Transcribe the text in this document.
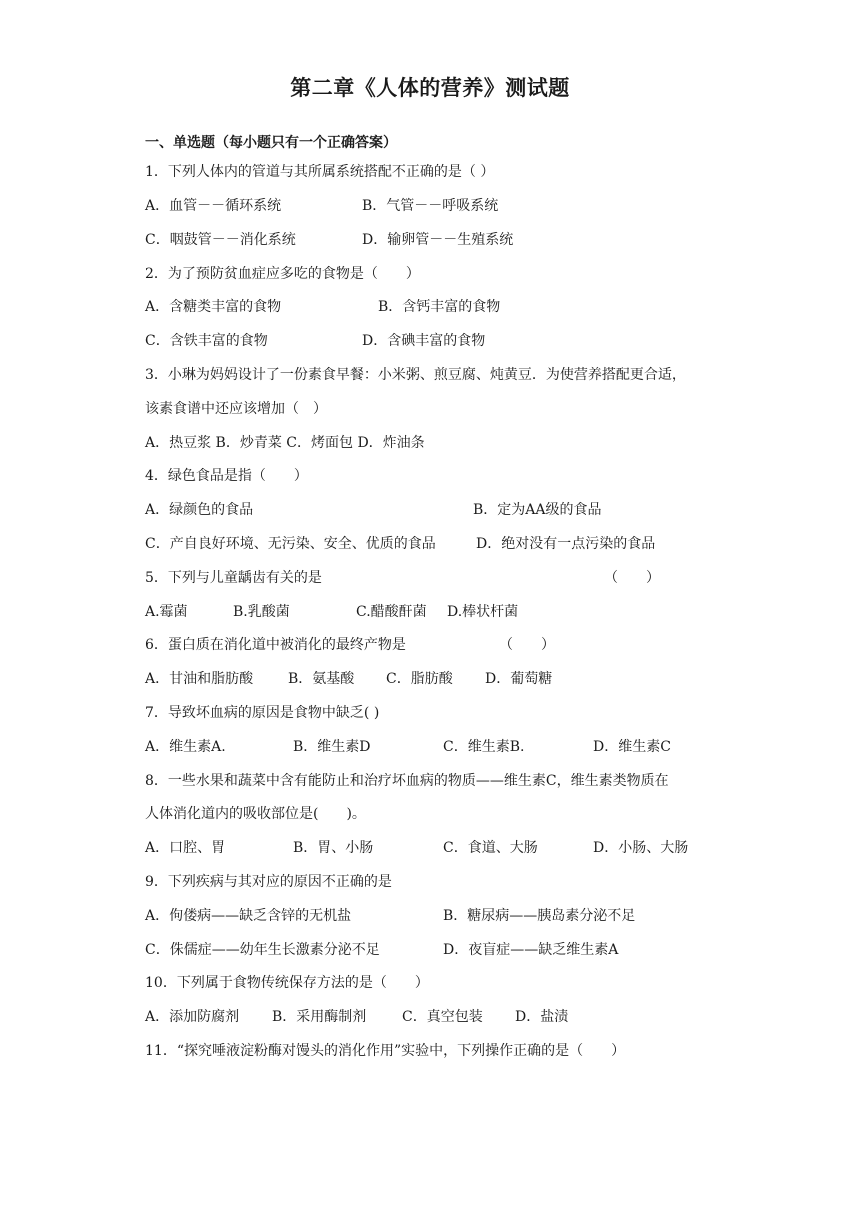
第二章《人体的营养》测试题
一、单选题（每小题只有一个正确答案）
1．下列人体内的管道与其所属系统搭配不正确的是（ ）
A．血管－－循环系统	B．气管－－呼吸系统
C．咽鼓管－－消化系统	D．输卵管－－生殖系统
2．为了预防贫血症应多吃的食物是（　　）
A．含糖类丰富的食物	B．含钙丰富的食物
C．含铁丰富的食物	D．含碘丰富的食物
3．小琳为妈妈设计了一份素食早餐：小米粥、煎豆腐、炖黄豆．为使营养搭配更合适，
该素食谱中还应该增加（　）
A．热豆浆 B．炒青菜 C．烤面包 D．炸油条
4．绿色食品是指（　　）
A．绿颜色的食品	B．定为AA级的食品
C．产自良好环境、无污染、安全、优质的食品	D．绝对没有一点污染的食品
5．下列与儿童龋齿有关的是	（　　）
A.霉菌	B.乳酸菌	C.醋酸酐菌 D.棒状杆菌
6．蛋白质在消化道中被消化的最终产物是	（　　）
A．甘油和脂肪酸 B．氨基酸 C．脂肪酸 D．葡萄糖
7．导致坏血病的原因是食物中缺乏( )
A．维生素A.	B．维生素D	C．维生素B.	D．维生素C
8．一些水果和蔬菜中含有能防止和治疗坏血病的物质——维生素C，维生素类物质在
人体消化道内的吸收部位是(　　)。
A．口腔、胃	B．胃、小肠	C．食道、大肠	D．小肠、大肠
9．下列疾病与其对应的原因不正确的是
A．佝偻病——缺乏含锌的无机盐	B．糖尿病——胰岛素分泌不足
C．侏儒症——幼年生长激素分泌不足	D．夜盲症——缺乏维生素A
10．下列属于食物传统保存方法的是（　　）
A．添加防腐剂 B．采用酶制剂	C．真空包装 D．盐渍
11．“探究唾液淀粉酶对馒头的消化作用”实验中，下列操作正确的是（　　）
